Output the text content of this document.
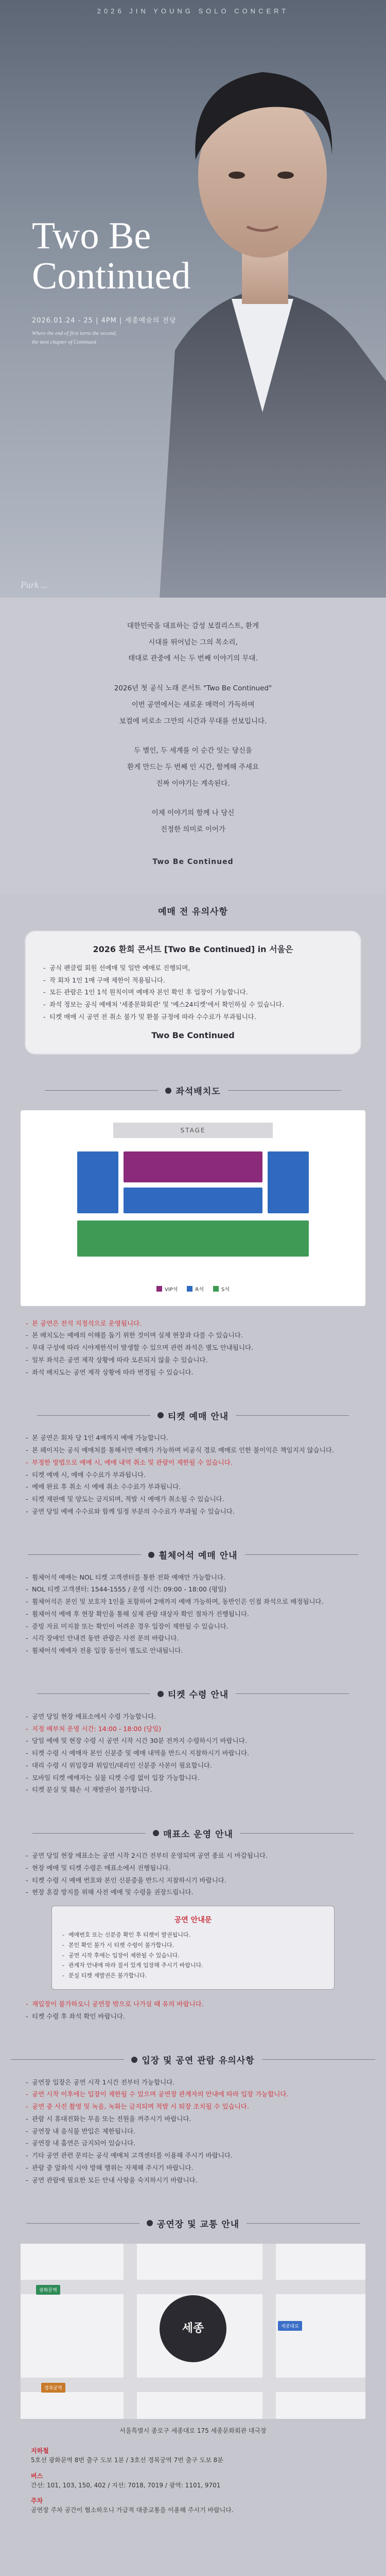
2026 JIN YOUNG SOLO CONCERT
Two Be
Continued
2026.01.24 - 25 | 4PM | 세종예술의 전당
Where the end of first turns the second,
the next chapter of Continued
Park ...

대한민국을 대표하는 감성 보컬리스트, 환게

시대를 뛰어넘는 그의 목소리,

태대로 관중에 서는 두 번째 이야기의 무대.

2026년 첫 공식 노래 콘서트 "Two Be Continued"

이번 공연에서는 새로운 매력이 가득하며

보컬에 비로소 그만의 시간과 무대를 선보입니다.

두 별인, 두 세계를 이 순간 잇는 당신을

환게 만드는 두 번째 인 시간, 함께해 주세요

진짜 이야기는 계속된다.

이제 이야기의 함께 나 당신

진정한 의미로 이어가

Two Be Continued

예매 전 유의사항
2026 환희 콘서트 [Two Be Continued] in 서울은
- 공식 팬클럽 회원 선예매 및 일반 예매로 진행되며,
- 작 회차 1인 1매 구매 제한이 적용됩니다.
- 모든 관람은 1인 1석 원칙이며 예매자 본인 확인 후 입장이 가능합니다.
- 좌석 정보는 공식 예매처 '세종문화회관' 및 '예스24티켓'에서 확인하실 수 있습니다.
- 티켓 매매 시 공연 전 취소 불가 및 환불 규정에 따라 수수료가 부과됩니다.
Two Be Continued
좌석배치도
STAGE
VIP석	R석	S석
- 본 공연은 전석 지정석으로 운영됩니다.
- 본 배치도는 예매의 이해를 돕기 위한 것이며 실제 현장과 다를 수 있습니다.
- 무대 구성에 따라 시야제한석이 발생할 수 있으며 관련 좌석은 별도 안내됩니다.
- 일부 좌석은 공연 제작 상황에 따라 오픈되지 않을 수 있습니다.
- 좌석 배치도는 공연 제작 상황에 따라 변경될 수 있습니다.
티켓 예매 안내
- 본 공연은 회차 당 1인 4매까지 예매 가능합니다.
- 본 페이지는 공식 예매처를 통해서만 예매가 가능하며 비공식 경로 예매로 인한 불이익은 책임지지 않습니다.
- 부정한 방법으로 예매 시, 예매 내역 취소 및 관람이 제한될 수 있습니다.
- 티켓 예매 시, 예매 수수료가 부과됩니다.
- 예매 완료 후 취소 시 예매 취소 수수료가 부과됩니다.
- 티켓 재판매 및 양도는 금지되며, 적발 시 예매가 취소될 수 있습니다.
- 공연 당일 예매 수수료와 함께 일정 부분의 수수료가 부과될 수 있습니다.
휠체어석 예매 안내
- 휠체어석 예매는 NOL 티켓 고객센터를 통한 전화 예매만 가능합니다.
- NOL 티켓 고객센터: 1544-1555 / 운영 시간: 09:00 - 18:00 (평일)
- 휠체어석은 본인 및 보호자 1인을 포함하여 2매까지 예매 가능하며, 동반인은 인접 좌석으로 배정됩니다.
- 휠체어석 예매 후 현장 확인을 통해 실제 관람 대상자 확인 절차가 진행됩니다.
- 증빙 자료 미지참 또는 확인이 어려운 경우 입장이 제한될 수 있습니다.
- 시각 장애인 안내견 동반 관람은 사전 문의 바랍니다.
- 휠체어석 예매자 전용 입장 동선이 별도로 안내됩니다.
티켓 수령 안내
- 공연 당일 현장 매표소에서 수령 가능합니다.
- 지정 배부처 운영 시간: 14:00 - 18:00 (당일)
- 당일 예매 및 현장 수령 시 공연 시작 시간 30분 전까지 수령하시기 바랍니다.
- 티켓 수령 시 예매자 본인 신분증 및 예매 내역을 반드시 지참하시기 바랍니다.
- 대리 수령 시 위임장과 위임인/대리인 신분증 사본이 필요합니다.
- 모바일 티켓 예매자는 실물 티켓 수령 없이 입장 가능합니다.
- 티켓 분실 및 훼손 시 재발권이 불가합니다.
매표소 운영 안내
- 공연 당일 현장 매표소는 공연 시작 2시간 전부터 운영되며 공연 종료 시 마감됩니다.
- 현장 예매 및 티켓 수령은 매표소에서 진행됩니다.
- 티켓 수령 시 예매 번호와 본인 신분증을 반드시 지참하시기 바랍니다.
- 현장 혼잡 방지를 위해 사전 예매 및 수령을 권장드립니다.
공연 안내문
- 예매번호 또는 신분증 확인 후 티켓이 발권됩니다.
- 본인 확인 불가 시 티켓 수령이 불가합니다.
- 공연 시작 후에는 입장이 제한될 수 있습니다.
- 관계자 안내에 따라 질서 있게 입장해 주시기 바랍니다.
- 분실 티켓 재발권은 불가합니다.
- 재입장이 불가하오니 공연장 밖으로 나가실 때 유의 바랍니다.
- 티켓 수령 후 좌석 확인 바랍니다.
입장 및 공연 관람 유의사항
- 공연장 입장은 공연 시작 1시간 전부터 가능합니다.
- 공연 시작 이후에는 입장이 제한될 수 있으며 공연장 관계자의 안내에 따라 입장 가능합니다.
- 공연 중 사진 촬영 및 녹음, 녹화는 금지되며 적발 시 퇴장 조치될 수 있습니다.
- 관람 시 휴대전화는 무음 또는 전원을 꺼주시기 바랍니다.
- 공연장 내 음식물 반입은 제한됩니다.
- 공연장 내 흡연은 금지되어 있습니다.
- 기타 공연 관련 문의는 공식 예매처 고객센터를 이용해 주시기 바랍니다.
- 관람 중 앞좌석 시야 방해 행위는 자제해 주시기 바랍니다.
- 공연 관람에 필요한 모든 안내 사항을 숙지하시기 바랍니다.
공연장 및 교통 안내
세종
광화문역
세종대로
경복궁역
서울특별시 종로구 세종대로 175 세종문화회관 대극장
지하철
5호선 광화문역 8번 출구 도보 1분 / 3호선 경복궁역 7번 출구 도보 8분
버스
간선: 101, 103, 150, 402 / 지선: 7018, 7019 / 광역: 1101, 9701
주차
공연장 주차 공간이 협소하오니 가급적 대중교통을 이용해 주시기 바랍니다.
